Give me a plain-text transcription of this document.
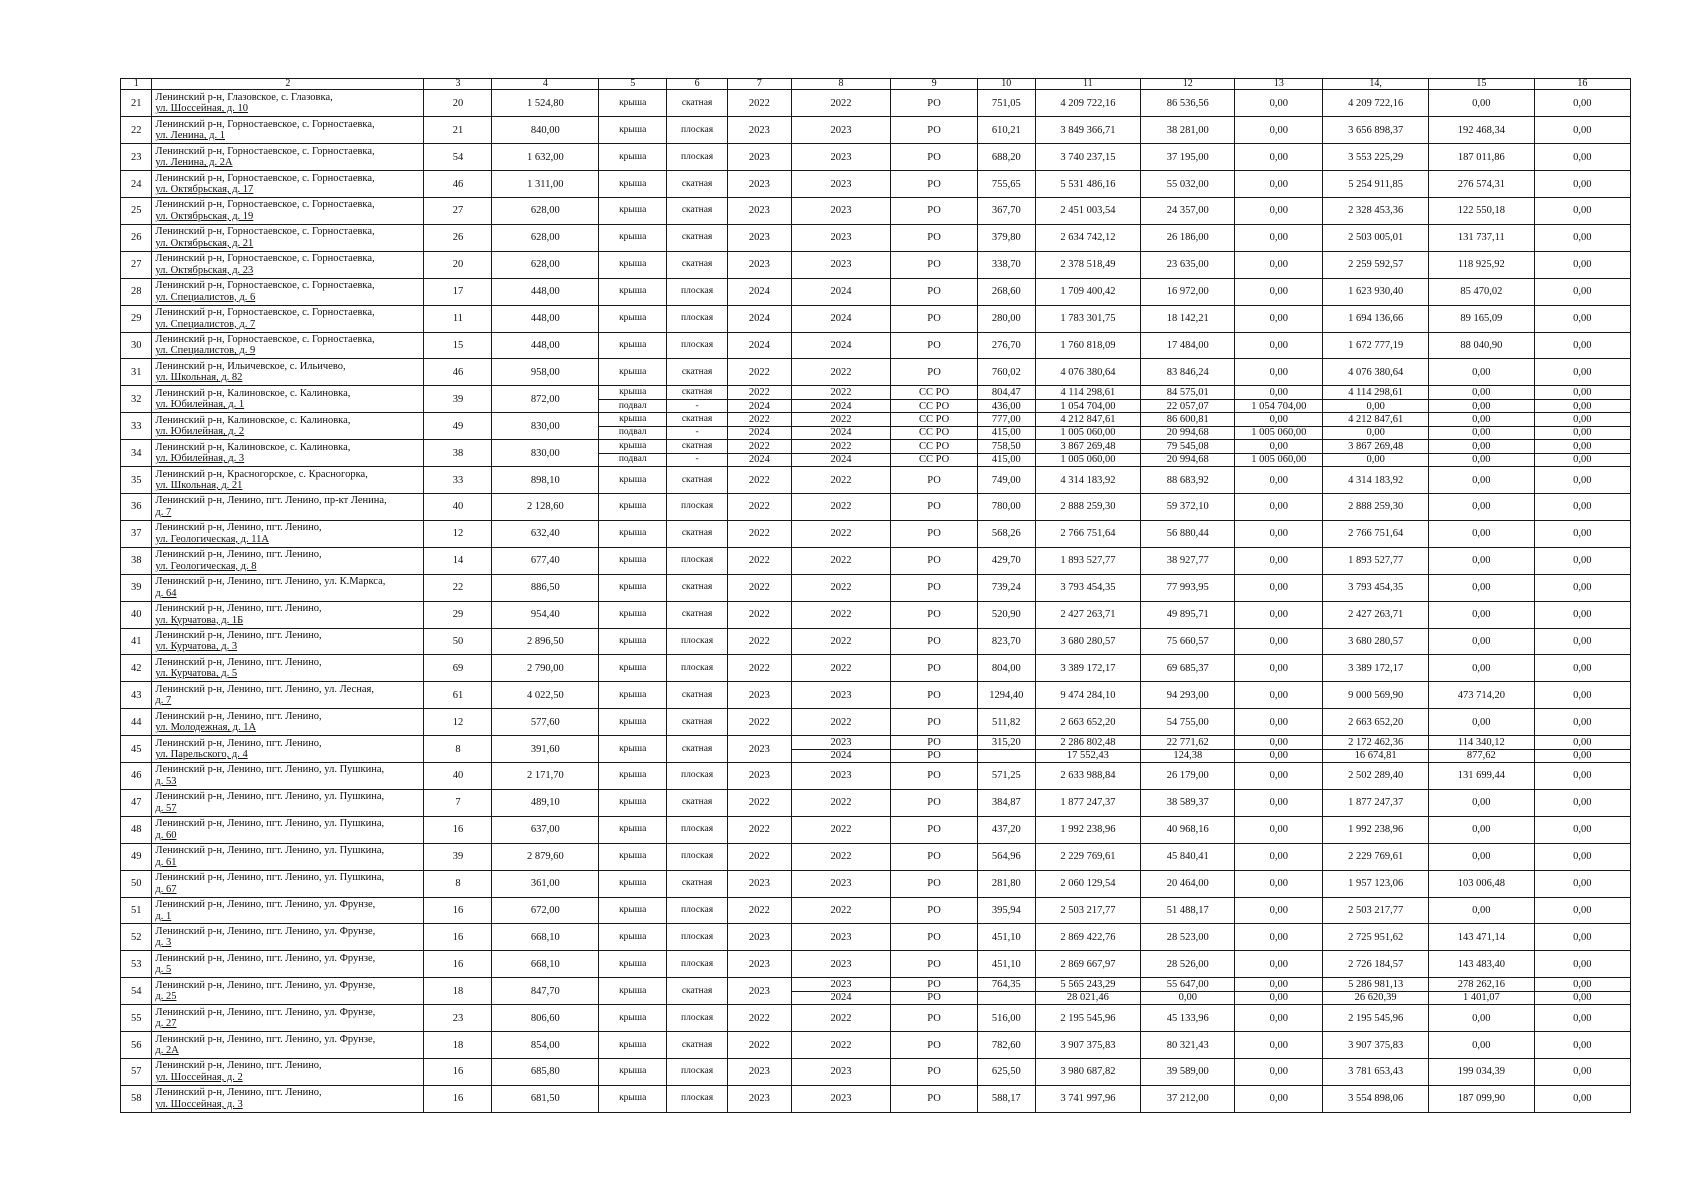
1	2	3	4	5	6	7	8	9	10	11	12	13	14,	15	16
21	Ленинский р-н, Глазовское, с. Глазовка,
ул. Шоссейная, д. 10	20	1 524,80	крыша	скатная	2022	2022	РО	751,05	4 209 722,16	86 536,56	0,00	4 209 722,16	0,00	0,00
22	Ленинский р-н, Горностаевское, с. Горностаевка,
ул. Ленина, д. 1	21	840,00	крыша	плоская	2023	2023	РО	610,21	3 849 366,71	38 281,00	0,00	3 656 898,37	192 468,34	0,00
23	Ленинский р-н, Горностаевское, с. Горностаевка,
ул. Ленина, д. 2А	54	1 632,00	крыша	плоская	2023	2023	РО	688,20	3 740 237,15	37 195,00	0,00	3 553 225,29	187 011,86	0,00
24	Ленинский р-н, Горностаевское, с. Горностаевка,
ул. Октябрьская, д. 17	46	1 311,00	крыша	скатная	2023	2023	РО	755,65	5 531 486,16	55 032,00	0,00	5 254 911,85	276 574,31	0,00
25	Ленинский р-н, Горностаевское, с. Горностаевка,
ул. Октябрьская, д. 19	27	628,00	крыша	скатная	2023	2023	РО	367,70	2 451 003,54	24 357,00	0,00	2 328 453,36	122 550,18	0,00
26	Ленинский р-н, Горностаевское, с. Горностаевка,
ул. Октябрьская, д. 21	26	628,00	крыша	скатная	2023	2023	РО	379,80	2 634 742,12	26 186,00	0,00	2 503 005,01	131 737,11	0,00
27	Ленинский р-н, Горностаевское, с. Горностаевка,
ул. Октябрьская, д. 23	20	628,00	крыша	скатная	2023	2023	РО	338,70	2 378 518,49	23 635,00	0,00	2 259 592,57	118 925,92	0,00
28	Ленинский р-н, Горностаевское, с. Горностаевка,
ул. Специалистов, д. 6	17	448,00	крыша	плоская	2024	2024	РО	268,60	1 709 400,42	16 972,00	0,00	1 623 930,40	85 470,02	0,00
29	Ленинский р-н, Горностаевское, с. Горностаевка,
ул. Специалистов, д. 7	11	448,00	крыша	плоская	2024	2024	РО	280,00	1 783 301,75	18 142,21	0,00	1 694 136,66	89 165,09	0,00
30	Ленинский р-н, Горностаевское, с. Горностаевка,
ул. Специалистов, д. 9	15	448,00	крыша	плоская	2024	2024	РО	276,70	1 760 818,09	17 484,00	0,00	1 672 777,19	88 040,90	0,00
31	Ленинский р-н, Ильичевское, с. Ильичево,
ул. Школьная, д. 82	46	958,00	крыша	скатная	2022	2022	РО	760,02	4 076 380,64	83 846,24	0,00	4 076 380,64	0,00	0,00
32	Ленинский р-н, Калиновское, с. Калиновка,
ул. Юбилейная, д. 1	39	872,00	крыша	скатная	2022	2022	СС РО	804,47	4 114 298,61	84 575,01	0,00	4 114 298,61	0,00	0,00
				подвал	-	2024	2024	СС РО	436,00	1 054 704,00	22 057,07	1 054 704,00	0,00	0,00	0,00
33	Ленинский р-н, Калиновское, с. Калиновка,
ул. Юбилейная, д. 2	49	830,00	крыша	скатная	2022	2022	СС РО	777,00	4 212 847,61	86 600,81	0,00	4 212 847,61	0,00	0,00
				подвал	-	2024	2024	СС РО	415,00	1 005 060,00	20 994,68	1 005 060,00	0,00	0,00	0,00
34	Ленинский р-н, Калиновское, с. Калиновка,
ул. Юбилейная, д. 3	38	830,00	крыша	скатная	2022	2022	СС РО	758,50	3 867 269,48	79 545,08	0,00	3 867 269,48	0,00	0,00
				подвал	-	2024	2024	СС РО	415,00	1 005 060,00	20 994,68	1 005 060,00	0,00	0,00	0,00
35	Ленинский р-н, Красногорское, с. Красногорка,
ул. Школьная, д. 21	33	898,10	крыша	скатная	2022	2022	РО	749,00	4 314 183,92	88 683,92	0,00	4 314 183,92	0,00	0,00
36	Ленинский р-н, Ленино, пгт. Ленино, пр-кт Ленина,
д. 7	40	2 128,60	крыша	плоская	2022	2022	РО	780,00	2 888 259,30	59 372,10	0,00	2 888 259,30	0,00	0,00
37	Ленинский р-н, Ленино, пгт. Ленино,
ул. Геологическая, д. 11А	12	632,40	крыша	скатная	2022	2022	РО	568,26	2 766 751,64	56 880,44	0,00	2 766 751,64	0,00	0,00
38	Ленинский р-н, Ленино, пгт. Ленино,
ул. Геологическая, д. 8	14	677,40	крыша	плоская	2022	2022	РО	429,70	1 893 527,77	38 927,77	0,00	1 893 527,77	0,00	0,00
39	Ленинский р-н, Ленино, пгт. Ленино, ул. К.Маркса,
д. 64	22	886,50	крыша	скатная	2022	2022	РО	739,24	3 793 454,35	77 993,95	0,00	3 793 454,35	0,00	0,00
40	Ленинский р-н, Ленино, пгт. Ленино,
ул. Курчатова, д. 1Б	29	954,40	крыша	скатная	2022	2022	РО	520,90	2 427 263,71	49 895,71	0,00	2 427 263,71	0,00	0,00
41	Ленинский р-н, Ленино, пгт. Ленино,
ул. Курчатова, д. 3	50	2 896,50	крыша	плоская	2022	2022	РО	823,70	3 680 280,57	75 660,57	0,00	3 680 280,57	0,00	0,00
42	Ленинский р-н, Ленино, пгт. Ленино,
ул. Курчатова, д. 5	69	2 790,00	крыша	плоская	2022	2022	РО	804,00	3 389 172,17	69 685,37	0,00	3 389 172,17	0,00	0,00
43	Ленинский р-н, Ленино, пгт. Ленино, ул. Лесная,
д. 7	61	4 022,50	крыша	скатная	2023	2023	РО	1294,40	9 474 284,10	94 293,00	0,00	9 000 569,90	473 714,20	0,00
44	Ленинский р-н, Ленино, пгт. Ленино,
ул. Молодежная, д. 1А	12	577,60	крыша	скатная	2022	2022	РО	511,82	2 663 652,20	54 755,00	0,00	2 663 652,20	0,00	0,00
45	Ленинский р-н, Ленино, пгт. Ленино,
ул. Парельского, д. 4	8	391,60	крыша	скатная	2023	2023	РО	315,20	2 286 802,48	22 771,62	0,00	2 172 462,36	114 340,12	0,00
							2024	РО		17 552,43	124,38	0,00	16 674,81	877,62	0,00
46	Ленинский р-н, Ленино, пгт. Ленино, ул. Пушкина,
д. 53	40	2 171,70	крыша	плоская	2023	2023	РО	571,25	2 633 988,84	26 179,00	0,00	2 502 289,40	131 699,44	0,00
47	Ленинский р-н, Ленино, пгт. Ленино, ул. Пушкина,
д. 57	7	489,10	крыша	скатная	2022	2022	РО	384,87	1 877 247,37	38 589,37	0,00	1 877 247,37	0,00	0,00
48	Ленинский р-н, Ленино, пгт. Ленино, ул. Пушкина,
д. 60	16	637,00	крыша	плоская	2022	2022	РО	437,20	1 992 238,96	40 968,16	0,00	1 992 238,96	0,00	0,00
49	Ленинский р-н, Ленино, пгт. Ленино, ул. Пушкина,
д. 61	39	2 879,60	крыша	плоская	2022	2022	РО	564,96	2 229 769,61	45 840,41	0,00	2 229 769,61	0,00	0,00
50	Ленинский р-н, Ленино, пгт. Ленино, ул. Пушкина,
д. 67	8	361,00	крыша	скатная	2023	2023	РО	281,80	2 060 129,54	20 464,00	0,00	1 957 123,06	103 006,48	0,00
51	Ленинский р-н, Ленино, пгт. Ленино, ул. Фрунзе,
д. 1	16	672,00	крыша	плоская	2022	2022	РО	395,94	2 503 217,77	51 488,17	0,00	2 503 217,77	0,00	0,00
52	Ленинский р-н, Ленино, пгт. Ленино, ул. Фрунзе,
д. 3	16	668,10	крыша	плоская	2023	2023	РО	451,10	2 869 422,76	28 523,00	0,00	2 725 951,62	143 471,14	0,00
53	Ленинский р-н, Ленино, пгт. Ленино, ул. Фрунзе,
д. 5	16	668,10	крыша	плоская	2023	2023	РО	451,10	2 869 667,97	28 526,00	0,00	2 726 184,57	143 483,40	0,00
54	Ленинский р-н, Ленино, пгт. Ленино, ул. Фрунзе,
д. 25	18	847,70	крыша	скатная	2023	2023	РО	764,35	5 565 243,29	55 647,00	0,00	5 286 981,13	278 262,16	0,00
							2024	РО		28 021,46	0,00	0,00	26 620,39	1 401,07	0,00
55	Ленинский р-н, Ленино, пгт. Ленино, ул. Фрунзе,
д. 27	23	806,60	крыша	плоская	2022	2022	РО	516,00	2 195 545,96	45 133,96	0,00	2 195 545,96	0,00	0,00
56	Ленинский р-н, Ленино, пгт. Ленино, ул. Фрунзе,
д. 2А	18	854,00	крыша	скатная	2022	2022	РО	782,60	3 907 375,83	80 321,43	0,00	3 907 375,83	0,00	0,00
57	Ленинский р-н, Ленино, пгт. Ленино,
ул. Шоссейная, д. 2	16	685,80	крыша	плоская	2023	2023	РО	625,50	3 980 687,82	39 589,00	0,00	3 781 653,43	199 034,39	0,00
58	Ленинский р-н, Ленино, пгт. Ленино,
ул. Шоссейная, д. 3	16	681,50	крыша	плоская	2023	2023	РО	588,17	3 741 997,96	37 212,00	0,00	3 554 898,06	187 099,90	0,00
